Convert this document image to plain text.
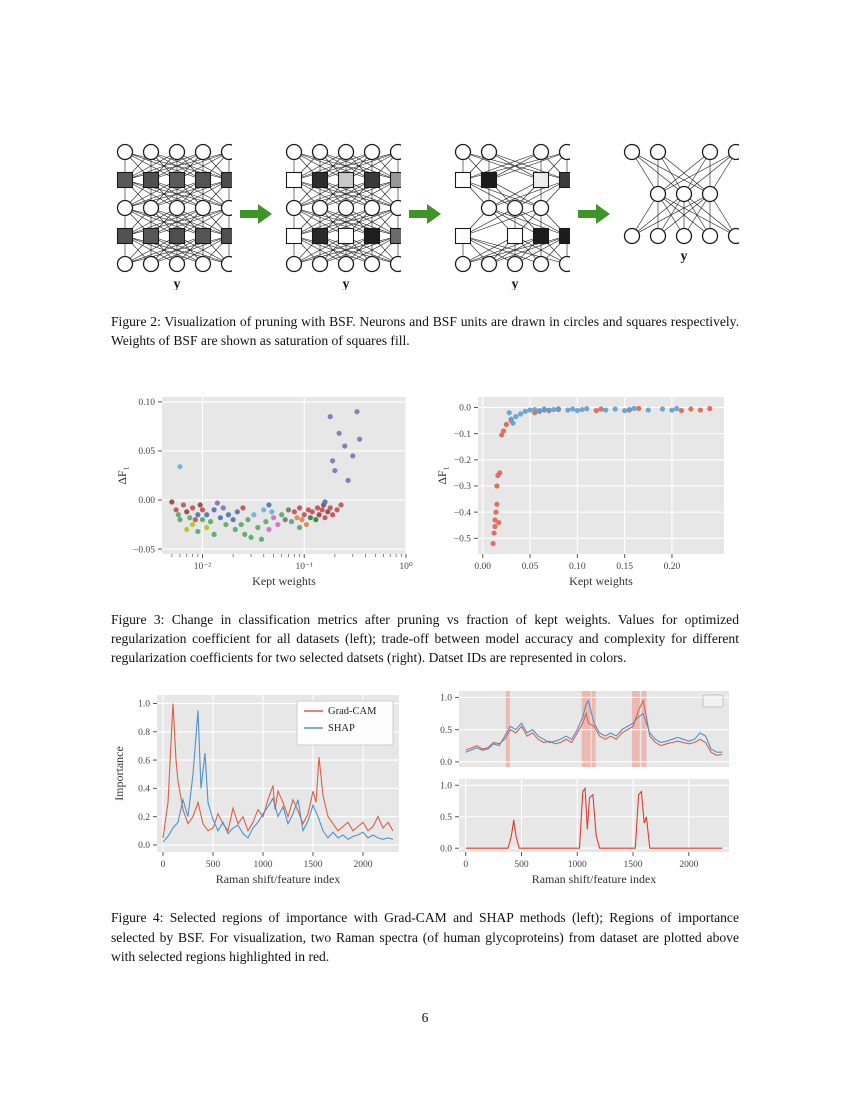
y	y	y
y
Figure 2: Visualization of pruning with BSF. Neurons and BSF units are drawn in circles and squares respectively. Weights of BSF are shown as saturation of squares fill.
10⁻²	10⁻¹	10⁰
−0.05
0.00
0.05
0.10
Kept weights
ΔF₁
0.00	0.05	0.10	0.15	0.20
0.0
−0.1
−0.2
−0.3
−0.4
−0.5
Kept weights
ΔF₁
Figure 3: Change in classification metrics after pruning vs fraction of kept weights. Values for optimized regularization coefficient for all datasets (left); trade-off between model accuracy and complexity for different regularization coefficients for two selected datsets (right). Datset IDs are represented in colors.
0	500	1000	1500	2000
0.0
0.2
0.4
0.6
0.8
1.0
Raman shift/feature index
Importance
Grad-CAM
SHAP
0.0
0.5
1.0
0	500	1000	1500	2000
0.0
0.5
1.0
Raman shift/feature index
Figure 4: Selected regions of importance with Grad-CAM and SHAP methods (left); Regions of importance selected by BSF. For visualization, two Raman spectra (of human glycoproteins) from dataset are plotted above with selected regions highlighted in red.
6
